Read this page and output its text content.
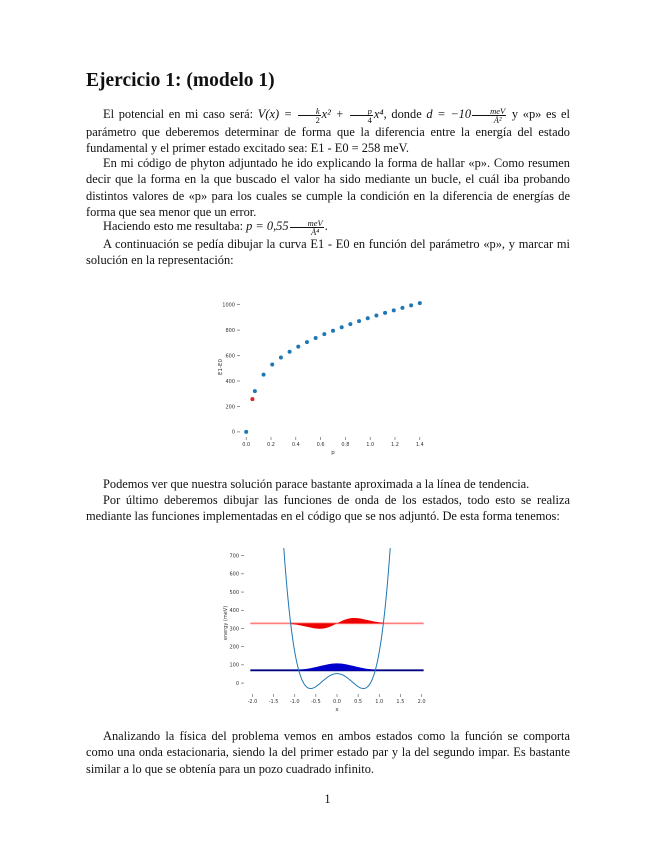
Ejercicio 1: (modelo 1)

El potencial en mi caso será: $V(x) = \frac{k}{2} x^2 + \frac{p}{4} x^4$, donde $d = -10 \frac{\text{meV}}{\text{Å²}}$ y «p» es el parámetro que deberemos determinar de forma que la diferencia entre la energía del estado fundamental y el primer estado excitado sea: E1 - E0 = 258 meV.

En mi código de phyton adjuntado he ido explicando la forma de hallar «p». Como resumen decir que la forma en la que buscado el valor ha sido mediante un bucle, el cuál iba probando distintos valores de «p» para los cuales se cumple la condición en la diferencia de energías de forma que sea menor que un error.

Haciendo esto me resultaba: $p = 0,55 \frac{\text{meV}}{\text{Å⁴}}$ .

A continuación se pedía dibujar la curva E1 - E0 en función del parámetro «p», y marcar mi solución en la representación:

0
200
400
600
800
1000
0.0	0.2	0.4	0.6	0.8	1.0	1.2	1.4
p
E1-E0

Podemos ver que nuestra solución parace bastante aproximada a la línea de tendencia.

Por último deberemos dibujar las funciones de onda de los estados, todo esto se realiza mediante las funciones implementadas en el código que se nos adjuntó. De esta forma tenemos:

0
100
200
300
400
500
600
700
-2.0 -1.5 -1.0 -0.5 0.0	0.5	1.0	1.5	2.0
x
energy (meV)

Analizando la física del problema vemos en ambos estados como la función se comporta como una onda estacionaria, siendo la del primer estado par y la del segundo impar. Es bastante similar a lo que se obtenía para un pozo cuadrado infinito.

1
